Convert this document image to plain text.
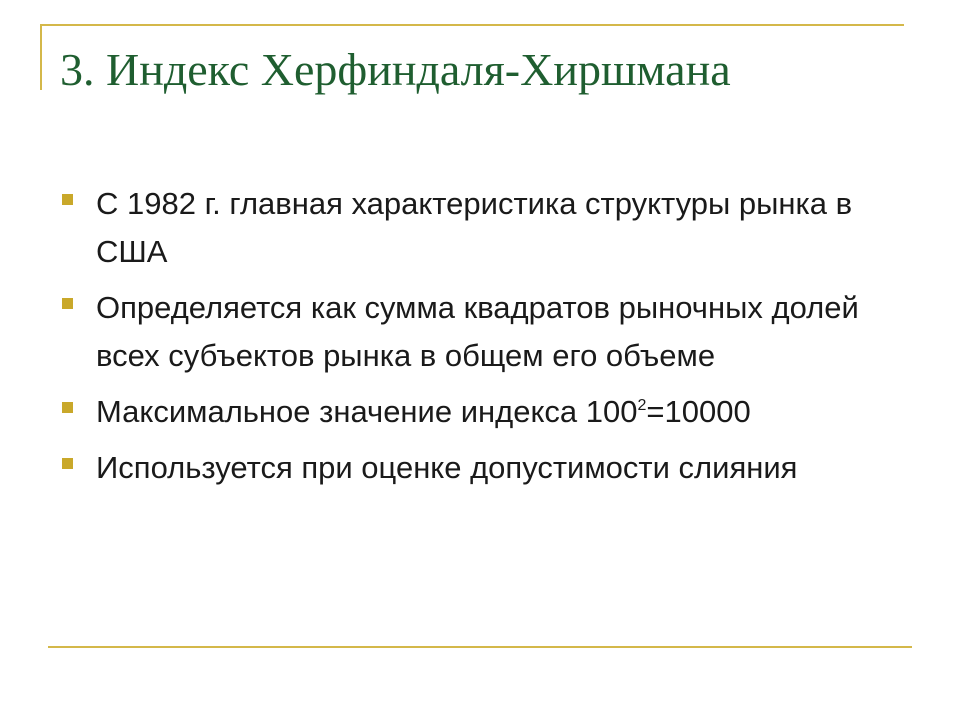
3. Индекс Херфиндаля-Хиршмана
С 1982 г. главная характеристика структуры рынка в США
Определяется как сумма квадратов рыночных долей всех субъектов рынка в общем его объеме
Максимальное значение индекса $100^2=10000$
Используется при оценке допустимости слияния
